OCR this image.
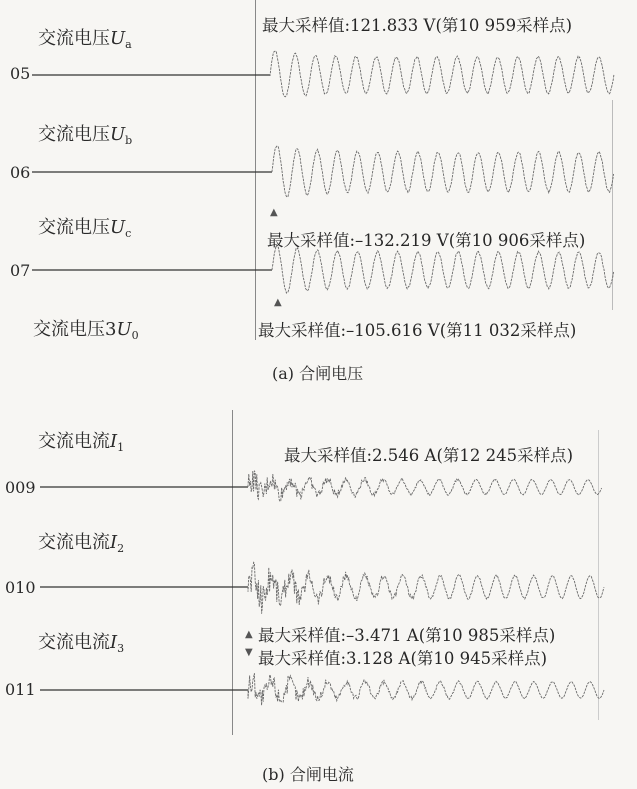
交流电压$U_a$
05
最大采样值:121.833 V(第10 959采样点)
交流电压$U_b$
06
▲
交流电压$U_c$
07
最大采样值:–132.219 V(第10 906采样点)
▲
交流电压$3U_0$	最大采样值:–105.616 V(第11 032采样点)
(a) 合闸电压
交流电流$I_1$
009
最大采样值:2.546 A(第12 245采样点)
交流电流$I_2$
010
交流电流$I_3$
011
▲ 最大采样值:–3.471 A(第10 985采样点)
▼ 最大采样值:3.128 A(第10 945采样点)
(b) 合闸电流
